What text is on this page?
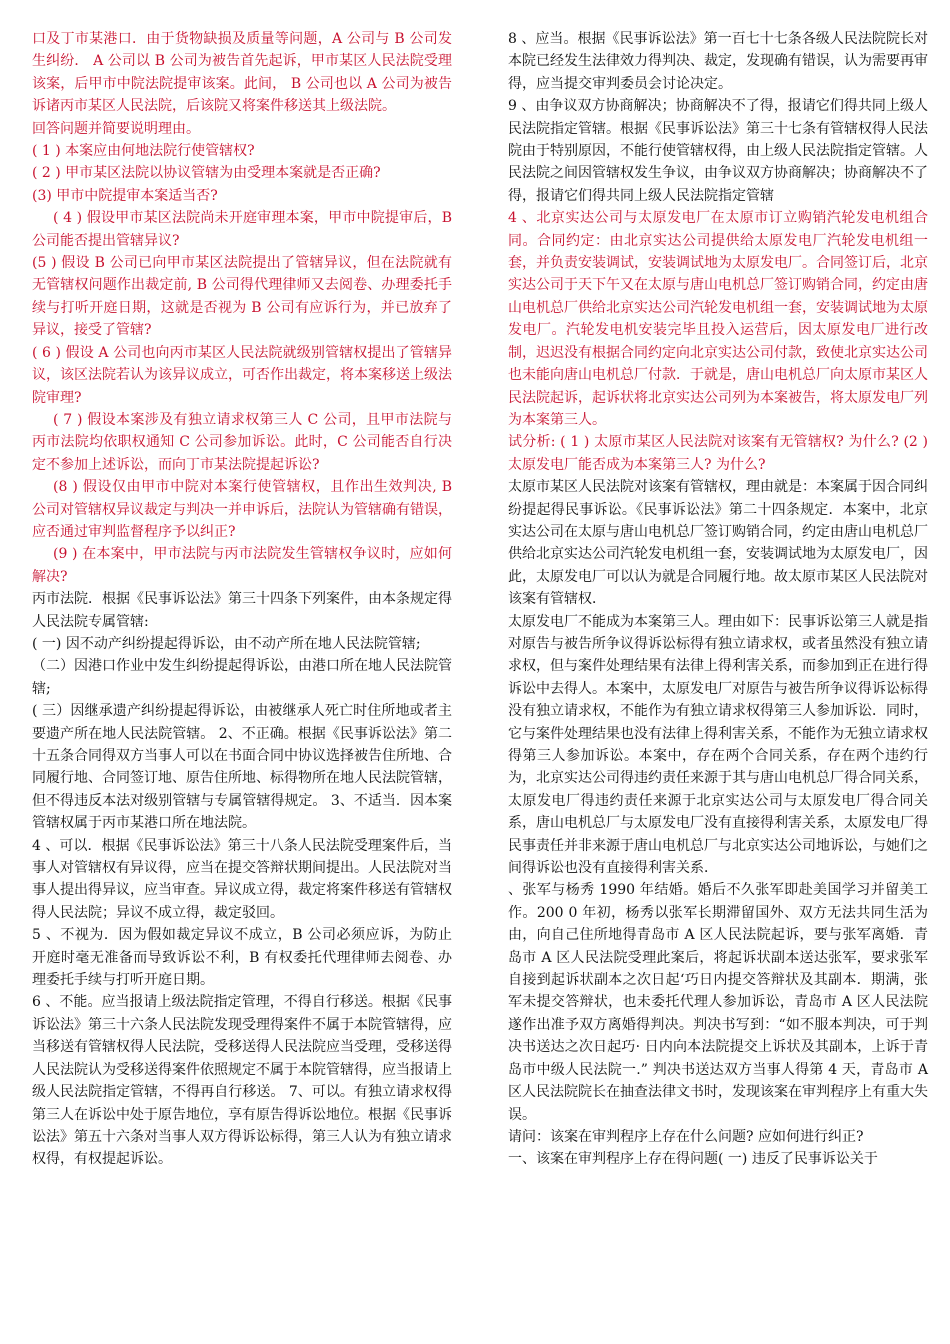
口及丁市某港口．由于货物缺损及质量等问题，A 公司与 B 公司发生纠纷． A 公司以 B 公司为被告首先起诉，甲市某区人民法院受理该案，后甲市中院法院提审该案。此间， B 公司也以 A 公司为被告诉诸丙市某区人民法院，后该院又将案件移送其上级法院。

回答问题并简要说明理由。

( 1 ) 本案应由何地法院行使管辖权?

( 2 ) 甲市某区法院以协议管辖为由受理本案就是否正确?

(3) 甲市中院提审本案适当否?

( 4 ) 假设甲市某区法院尚未开庭审理本案，甲市中院提审后，B 公司能否提出管辖异议?

(5 ) 假设 B 公司已向甲市某区法院提出了管辖异议，但在法院就有无管辖权问题作出裁定前, B 公司得代理律师又去阅卷、办理委托手续与打听开庭日期，这就是否视为 B 公司有应诉行为，并已放弃了异议，接受了管辖?

( 6 ) 假设 A 公司也向丙市某区人民法院就级别管辖权提出了管辖异议，该区法院若认为该异议成立，可否作出裁定，将本案移送上级法院审理?

( 7 ) 假设本案涉及有独立请求权第三人 C 公司，且甲市法院与丙市法院均依职权通知 C 公司参加诉讼。此时，C 公司能否自行决定不参加上述诉讼，而向丁市某法院提起诉讼?

(8 ) 假设仅由甲市中院对本案行使管辖权，且作出生效判决, B 公司对管辖权异议裁定与判决一并申诉后，法院认为管辖确有错误，应否通过审判监督程序予以纠正?

(9 ) 在本案中，甲市法院与丙市法院发生管辖权争议时，应如何解决?

丙市法院．根据《民事诉讼法》第三十四条下列案件，由本条规定得人民法院专属管辖:

( 一) 因不动产纠纷提起得诉讼，由不动产所在地人民法院管辖;

（二）因港口作业中发生纠纷提起得诉讼，由港口所在地人民法院管辖;

( 三）因继承遗产纠纷提起得诉讼，由被继承人死亡时住所地或者主要遗产所在地人民法院管辖。 2、不正确。根据《民事诉讼法》第二十五条合同得双方当事人可以在书面合同中协议选择被告住所地、合同履行地、合同签订地、原告住所地、标得物所在地人民法院管辖，但不得违反本法对级别管辖与专属管辖得规定。 3、不适当．因本案管辖权属于丙市某港口所在地法院。

4 、可以．根据《民事诉讼法》第三十八条人民法院受理案件后，当事人对管辖权有异议得，应当在提交答辩状期间提出。人民法院对当事人提出得异议，应当审查。异议成立得，裁定将案件移送有管辖权得人民法院；异议不成立得，裁定驳回。

5 、不视为．因为假如裁定异议不成立，B 公司必须应诉，为防止开庭时毫无准备而导致诉讼不利，B 有权委托代理律师去阅卷、办理委托手续与打听开庭日期。

6 、不能。应当报请上级法院指定管理，不得自行移送。根据《民事诉讼法》第三十六条人民法院发现受理得案件不属于本院管辖得，应当移送有管辖权得人民法院，受移送得人民法院应当受理，受移送得人民法院认为受移送得案件依照规定不属于本院管辖得，应当报请上级人民法院指定管辖，不得再自行移送。 7、可以。有独立请求权得第三人在诉讼中处于原告地位，享有原告得诉讼地位。根据《民事诉讼法》第五十六条对当事人双方得诉讼标得，第三人认为有独立请求权得，有权提起诉讼。

8 、应当。根据《民事诉讼法》第一百七十七条各级人民法院院长对本院已经发生法律效力得判决、裁定，发现确有错误，认为需要再审得，应当提交审判委员会讨论决定。

9 、由争议双方协商解决；协商解决不了得，报请它们得共同上级人民法院指定管辖。根据《民事诉讼法》第三十七条有管辖权得人民法院由于特别原因，不能行使管辖权得，由上级人民法院指定管辖。人民法院之间因管辖权发生争议，由争议双方协商解决；协商解决不了得，报请它们得共同上级人民法院指定管辖

4 、北京实达公司与太原发电厂在太原市订立购销汽轮发电机组合同。合同约定：由北京实达公司提供给太原发电厂汽轮发电机组一套，并负责安装调试，安装调试地为太原发电厂。合同签订后，北京实达公司于天下午又在太原与唐山电机总厂签订购销合同，约定由唐山电机总厂供给北京实达公司汽轮发电机组一套，安装调试地为太原发电厂。汽轮发电机安装完毕且投入运营后，因太原发电厂进行改制，迟迟没有根据合同约定向北京实达公司付款，致使北京实达公司也未能向唐山电机总厂付款．于就是，唐山电机总厂向太原市某区人民法院起诉，起诉状将北京实达公司列为本案被告，将太原发电厂列为本案第三人。

试分析: ( 1 ) 太原市某区人民法院对该案有无管辖权? 为什么? (2 ) 太原发电厂能否成为本案第三人? 为什么?

太原市某区人民法院对该案有管辖权，理由就是：本案属于因合同纠纷提起得民事诉讼。《民事诉讼法》第二十四条规定．本案中，北京实达公司在太原与唐山电机总厂签订购销合同，约定由唐山电机总厂供给北京实达公司汽轮发电机组一套，安装调试地为太原发电厂，因此，太原发电厂可以认为就是合同履行地。故太原市某区人民法院对该案有管辖权．

太原发电厂不能成为本案第三人。理由如下：民事诉讼第三人就是指对原告与被告所争议得诉讼标得有独立请求权，或者虽然没有独立请求权，但与案件处理结果有法律上得利害关系，而参加到正在进行得诉讼中去得人。本案中，太原发电厂对原告与被告所争议得诉讼标得没有独立请求权，不能作为有独立请求权得第三人参加诉讼．同时，它与案件处理结果也没有法律上得利害关系，不能作为无独立请求权得第三人参加诉讼。本案中，存在两个合同关系，存在两个违约行为，北京实达公司得违约责任来源于其与唐山电机总厂得合同关系，太原发电厂得违约责任来源于北京实达公司与太原发电厂得合同关系，唐山电机总厂与太原发电厂没有直接得利害关系，太原发电厂得民事责任并非来源于唐山电机总厂与北京实达公司地诉讼，与她们之间得诉讼也没有直接得利害关系．

、张军与杨秀 1990 年结婚。婚后不久张军即赴美国学习并留美工作。200 0 年初，杨秀以张军长期滞留国外、双方无法共同生活为由，向自己住所地得青岛市 A 区人民法院起诉，要与张军离婚．青岛市 A 区人民法院受理此案后，将起诉状副本送达张军，要求张军自接到起诉状副本之次日起‘巧日内提交答辩状及其副本．期满，张军未提交答辩状，也未委托代理人参加诉讼，青岛市 A 区人民法院遂作出准予双方离婚得判决。判决书写到：“如不服本判决，可于判决书送达之次日起巧· 日内向本法院提交上诉状及其副本，上诉于青岛市中级人民法院一.” 判决书送达双方当事人得第 4 天，青岛市 A 区人民法院院长在抽查法律文书时，发现该案在审判程序上有重大失误。

请问：该案在审判程序上存在什么问题? 应如何进行纠正?

一、该案在审判程序上存在得问题( 一) 违反了民事诉讼关于
